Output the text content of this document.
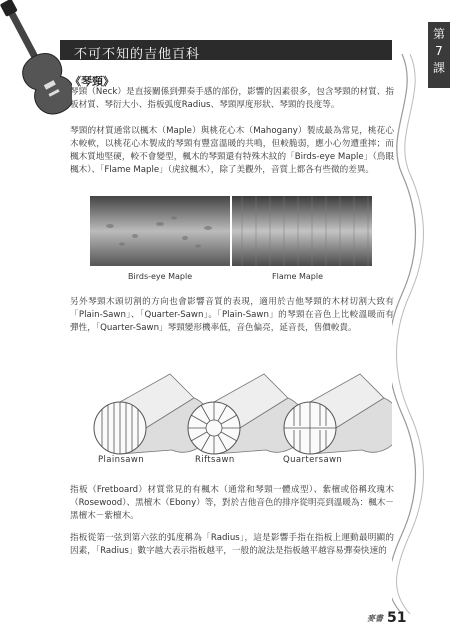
不可不知的吉他百科
第
7
課
《琴頸》

琴頸（Neck）是直接關係到彈奏手感的部份，影響的因素很多，包含琴頸的材質、指板材質、琴衍大小、指板弧度Radius、琴頸厚度形狀、琴頸的長度等。

琴頸的材質通常以楓木（Maple）與桃花心木（Mahogany）製成最為常見，桃花心木較軟，以桃花心木製成的琴頸有豐富溫暖的共鳴，但較脆弱，應小心勿遭重摔；而楓木質地堅硬，較不會變型，楓木的琴頸還有特殊木紋的「Birds-eye Maple」（鳥眼楓木）、「Flame Maple」（虎紋楓木），除了美觀外，音質上都各有些微的差異。

Birds-eye Maple	Flame Maple

另外琴頸木頭切割的方向也會影響音質的表現，適用於吉他琴頸的木材切割大致有「Plain-Sawn」、「Quarter-Sawn」。「Plain-Sawn」的琴頸在音色上比較溫暖而有彈性，「Quarter-Sawn」琴頸變形機率低，音色偏亮，延音長，售價較貴。

Plainsawn	Riftsawn	Quartersawn

指板（Fretboard）材質常見的有楓木（通常和琴頸一體成型）、紫檀或俗稱玫瑰木（Rosewood）、黑檀木（Ebony）等，對於吉他音色的排序從明亮到溫暖為：楓木－黑檀木－紫檀木。

指板從第一弦到第六弦的弧度稱為「Radius」，這是影響手指在指板上運動最明顯的因素，「Radius」數字越大表示指板越平，一般的說法是指板越平越容易彈奏快速的

麥書 51
